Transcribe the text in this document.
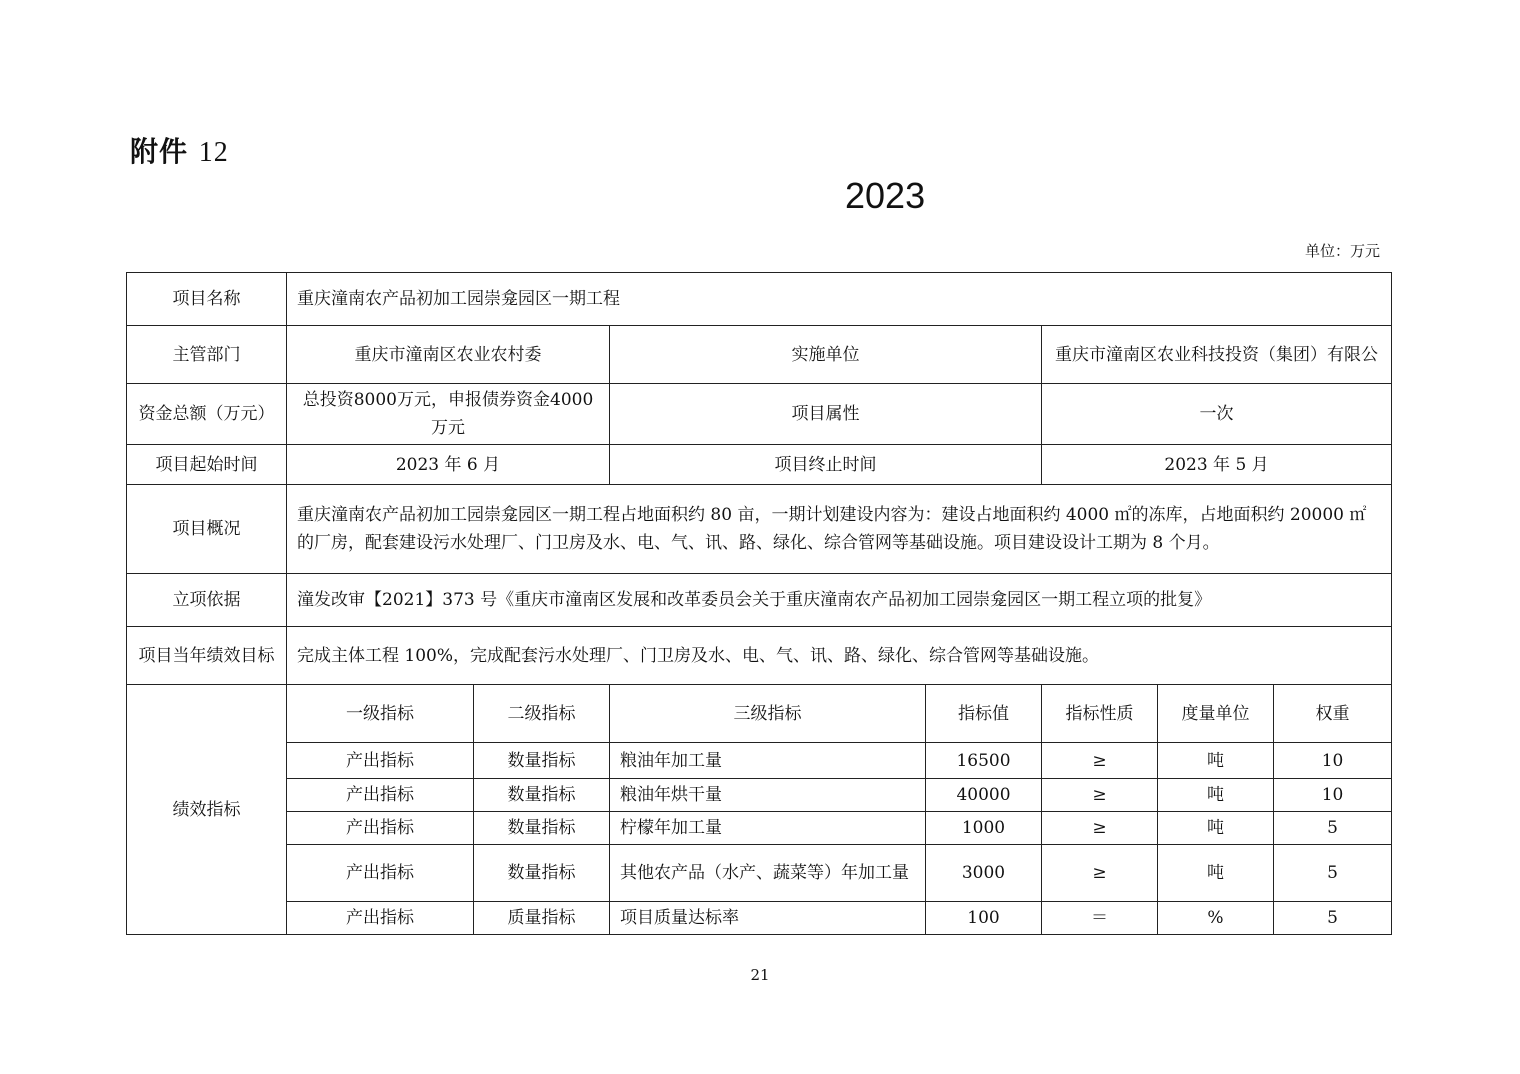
附件 12
2023
单位：万元
项目名称	重庆潼南农产品初加工园崇龛园区一期工程						
主管部门	重庆市潼南区农业农村委		实施单位		重庆市潼南区农业科技投资（集团）有限公		
资金总额（万元）	总投资8000万元，申报债券资金4000万元		项目属性		一次		
项目起始时间	2023 年 6 月		项目终止时间		2023 年 5 月		
项目概况	重庆潼南农产品初加工园崇龛园区一期工程占地面积约 80 亩，一期计划建设内容为：建设占地面积约 4000 ㎡的冻库，占地面积约 20000 ㎡的厂房，配套建设污水处理厂、门卫房及水、电、气、讯、路、绿化、综合管网等基础设施。项目建设设计工期为 8 个月。						
立项依据	潼发改审【2021】373 号《重庆市潼南区发展和改革委员会关于重庆潼南农产品初加工园崇龛园区一期工程立项的批复》						
项目当年绩效目标	完成主体工程 100%，完成配套污水处理厂、门卫房及水、电、气、讯、路、绿化、综合管网等基础设施。						
绩效指标	一级指标	二级指标	三级指标	指标值	指标性质	度量单位	权重
	产出指标	数量指标	粮油年加工量	16500	≥	吨	10
	产出指标	数量指标	粮油年烘干量	40000	≥	吨	10
	产出指标	数量指标	柠檬年加工量	1000	≥	吨	5
	产出指标	数量指标	其他农产品（水产、蔬菜等）年加工量	3000	≥	吨	5
	产出指标	质量指标	项目质量达标率	100	＝	%	5
21
